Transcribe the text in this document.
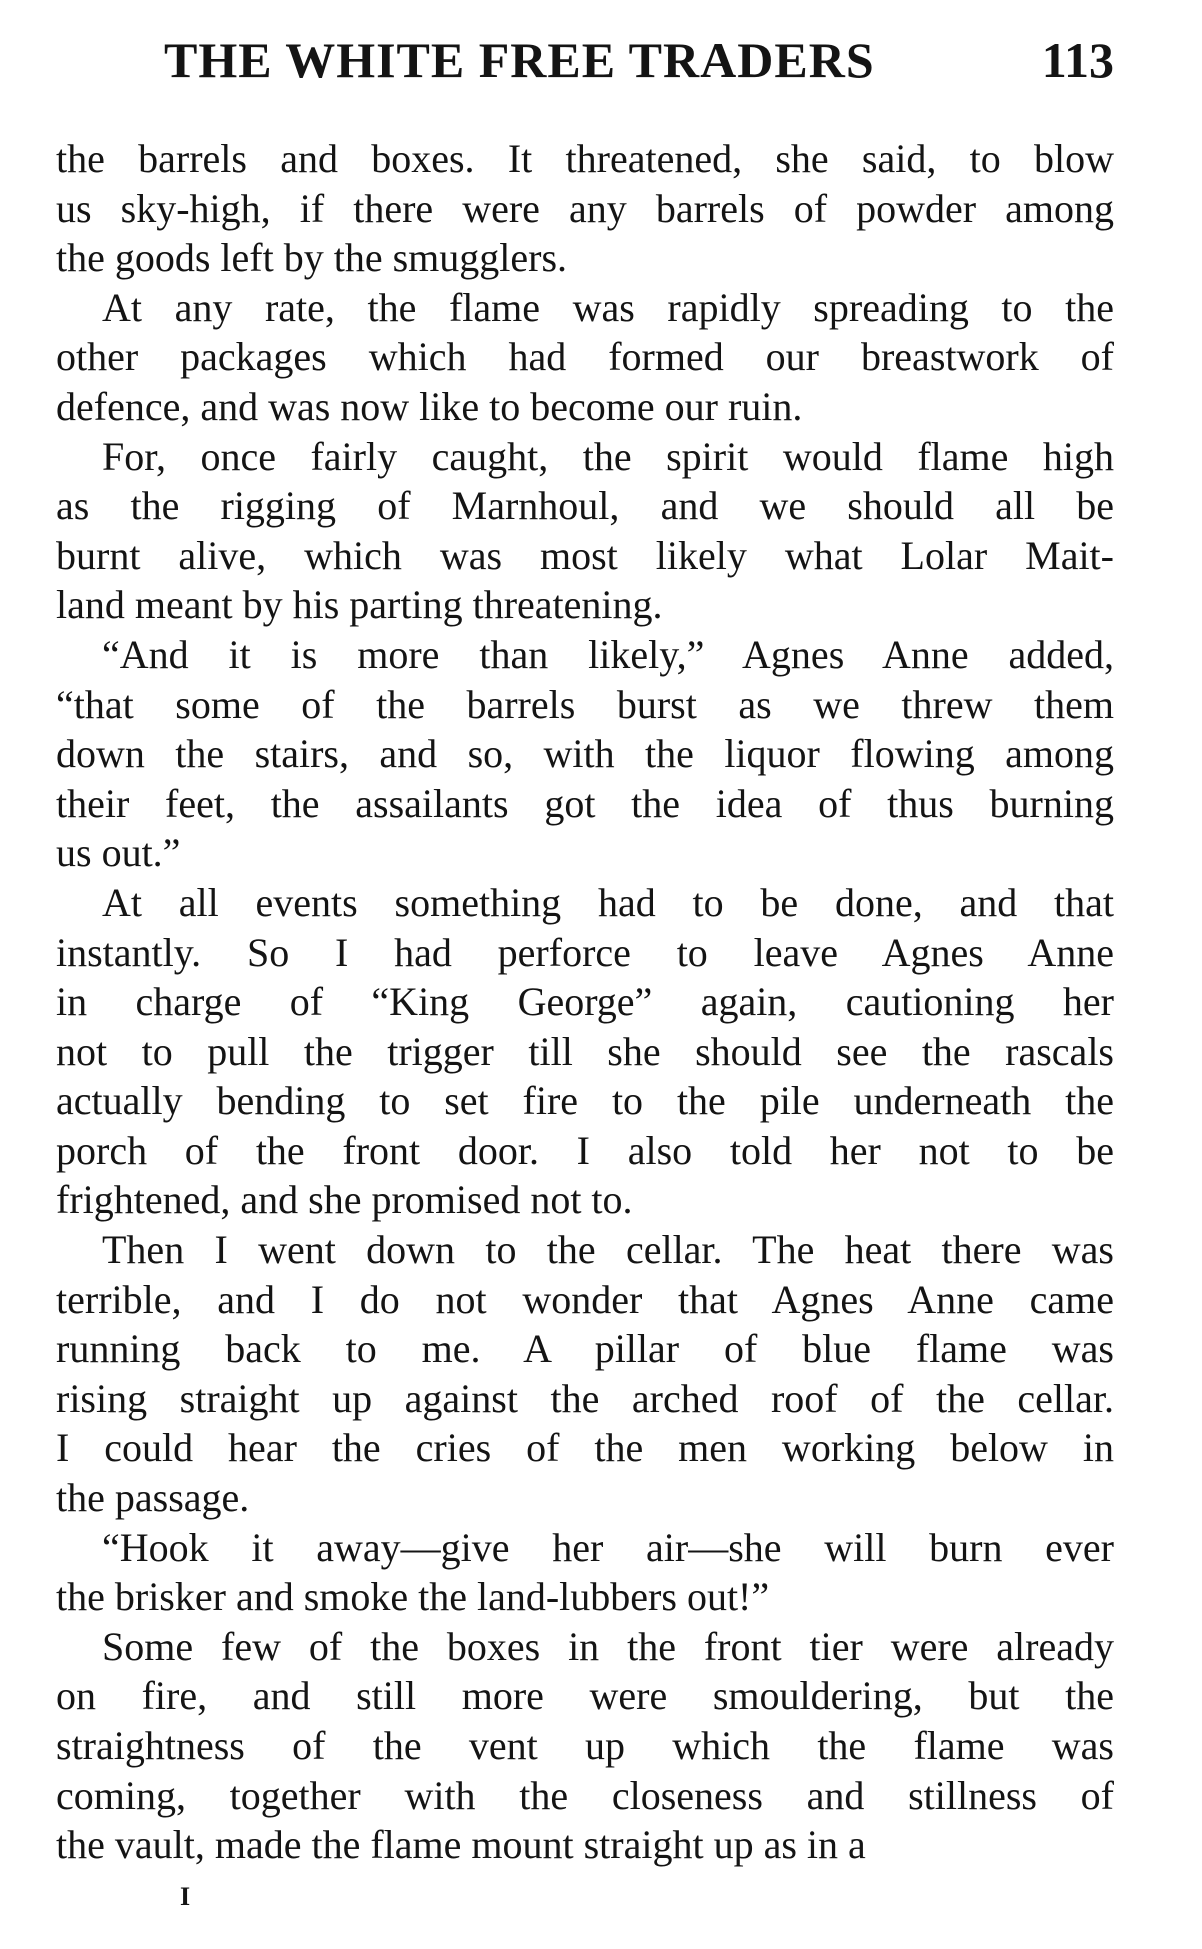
THE WHITE FREE TRADERS	113
the barrels and boxes. It threatened, she said, to blow
us sky-high, if there were any barrels of powder among
the goods left by the smugglers.
At any rate, the flame was rapidly spreading to the
other packages which had formed our breastwork of
defence, and was now like to become our ruin.
For, once fairly caught, the spirit would flame high
as the rigging of Marnhoul, and we should all be
burnt alive, which was most likely what Lolar Mait-
land meant by his parting threatening.
“And it is more than likely,” Agnes Anne added,
“that some of the barrels burst as we threw them
down the stairs, and so, with the liquor flowing among
their feet, the assailants got the idea of thus burning
us out.”
At all events something had to be done, and that
instantly. So I had perforce to leave Agnes Anne
in charge of “King George” again, cautioning her
not to pull the trigger till she should see the rascals
actually bending to set fire to the pile underneath the
porch of the front door. I also told her not to be
frightened, and she promised not to.
Then I went down to the cellar. The heat there was
terrible, and I do not wonder that Agnes Anne came
running back to me. A pillar of blue flame was
rising straight up against the arched roof of the cellar.
I could hear the cries of the men working below in
the passage.
“Hook it away—give her air—she will burn ever
the brisker and smoke the land-lubbers out!”
Some few of the boxes in the front tier were already
on fire, and still more were smouldering, but the
straightness of the vent up which the flame was
coming, together with the closeness and stillness of
the vault, made the flame mount straight up as in a
I
